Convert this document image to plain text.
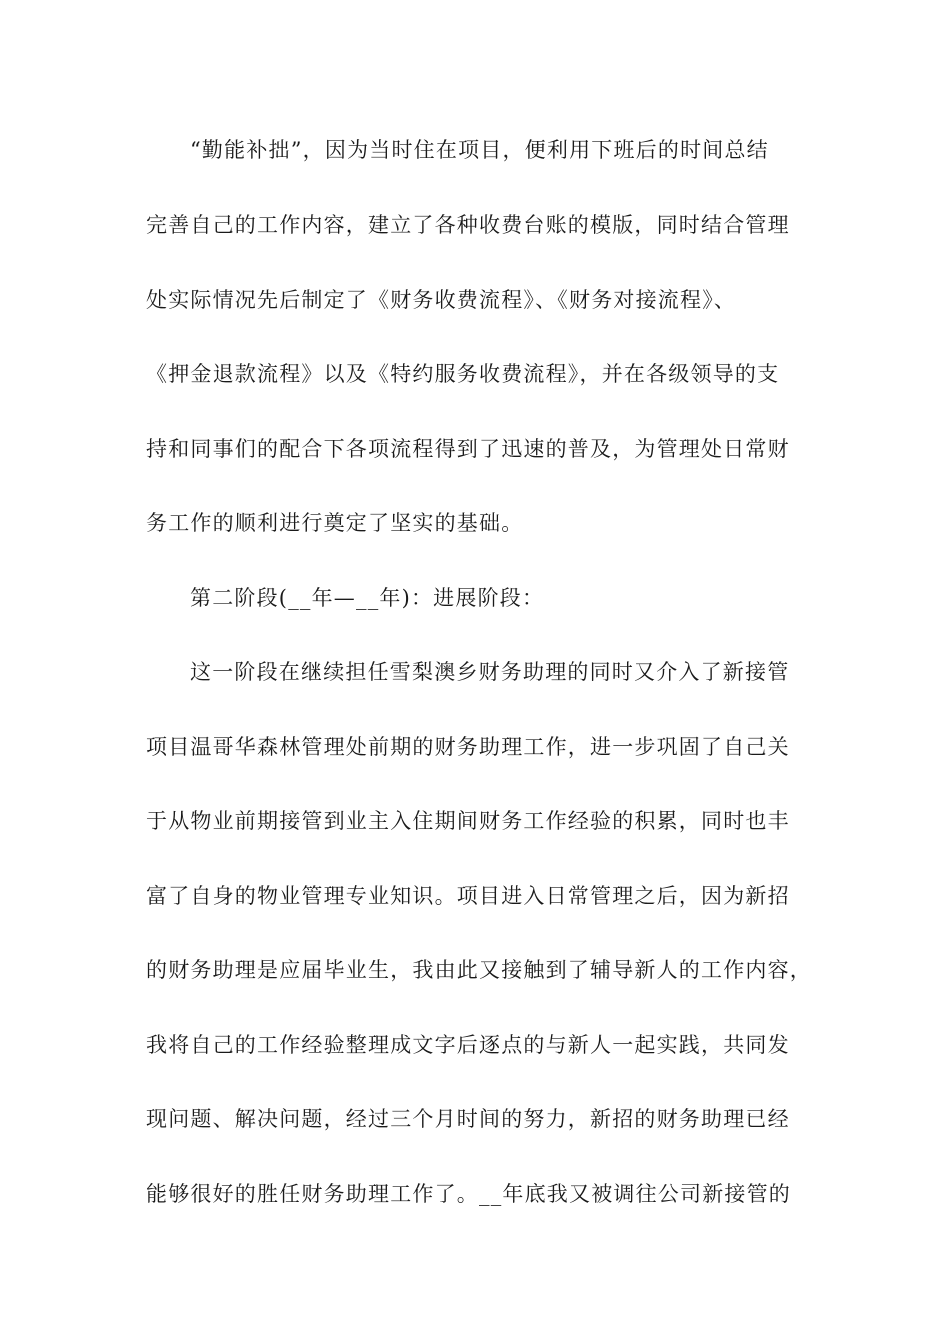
“勤能补拙”，因为当时住在项目，便利用下班后的时间总结
完善自己的工作内容，建立了各种收费台账的模版，同时结合管理
处实际情况先后制定了《财务收费流程》、《财务对接流程》、
《押金退款流程》以及《特约服务收费流程》，并在各级领导的支
持和同事们的配合下各项流程得到了迅速的普及，为管理处日常财
务工作的顺利进行奠定了坚实的基础。
第二阶段(__年—__年)：进展阶段：
这一阶段在继续担任雪梨澳乡财务助理的同时又介入了新接管
项目温哥华森林管理处前期的财务助理工作，进一步巩固了自己关
于从物业前期接管到业主入住期间财务工作经验的积累，同时也丰
富了自身的物业管理专业知识。项目进入日常管理之后，因为新招
的财务助理是应届毕业生，我由此又接触到了辅导新人的工作内容，
我将自己的工作经验整理成文字后逐点的与新人一起实践，共同发
现问题、解决问题，经过三个月时间的努力，新招的财务助理已经
能够很好的胜任财务助理工作了。__年底我又被调往公司新接管的
